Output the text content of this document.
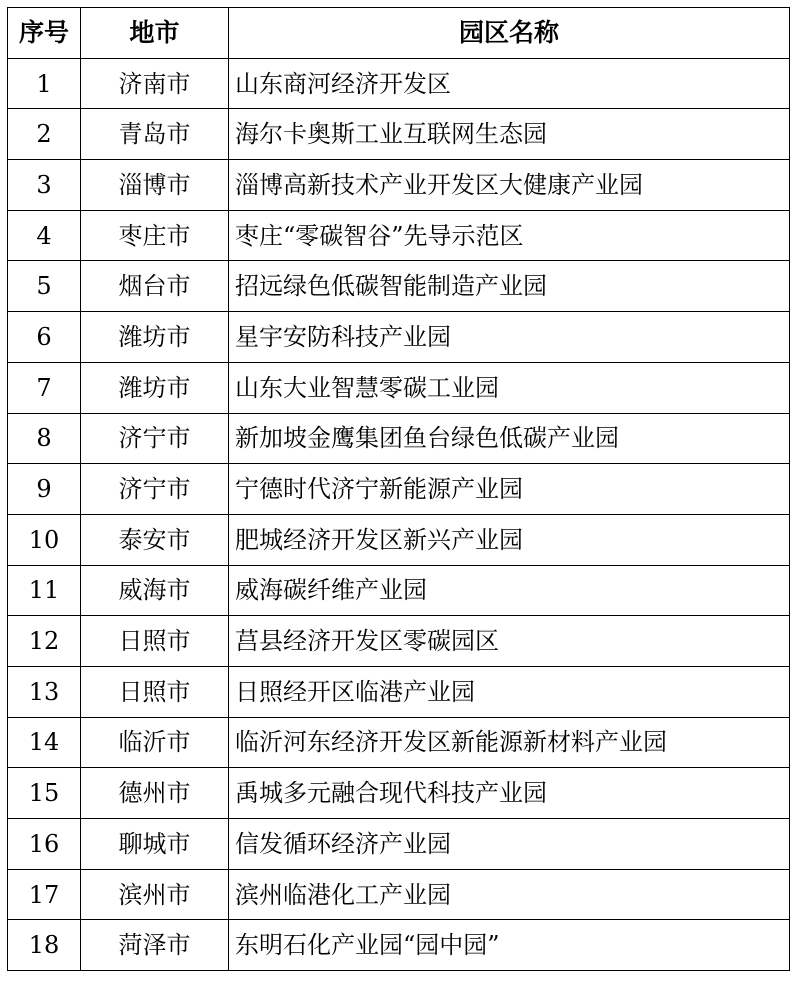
序号	地市	园区名称
1	济南市	山东商河经济开发区
2	青岛市	海尔卡奥斯工业互联网生态园
3	淄博市	淄博高新技术产业开发区大健康产业园
4	枣庄市	枣庄“零碳智谷”先导示范区
5	烟台市	招远绿色低碳智能制造产业园
6	潍坊市	星宇安防科技产业园
7	潍坊市	山东大业智慧零碳工业园
8	济宁市	新加坡金鹰集团鱼台绿色低碳产业园
9	济宁市	宁德时代济宁新能源产业园
10	泰安市	肥城经济开发区新兴产业园
11	威海市	威海碳纤维产业园
12	日照市	莒县经济开发区零碳园区
13	日照市	日照经开区临港产业园
14	临沂市	临沂河东经济开发区新能源新材料产业园
15	德州市	禹城多元融合现代科技产业园
16	聊城市	信发循环经济产业园
17	滨州市	滨州临港化工产业园
18	菏泽市	东明石化产业园“园中园”
